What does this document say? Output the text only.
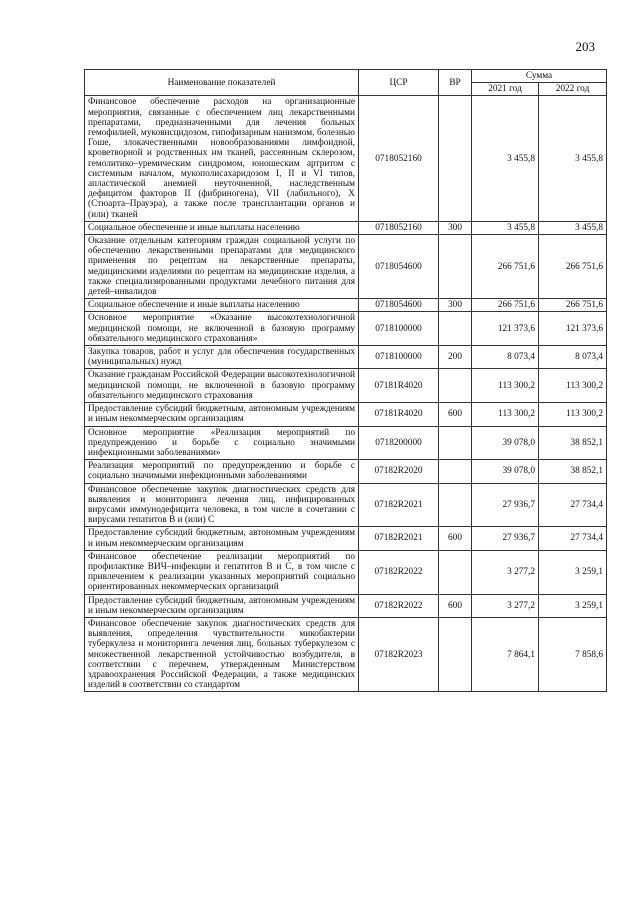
203
Наименование показателей	ЦСР	ВР	Сумма	
			2021 год	2022 год
Финансовое обеспечение расходов на организационные мероприятия, связанные с обеспечением лиц лекарственными препаратами, предназначенными для лечения больных гемофилией, муковисцидозом, гипофизарным нанизмом, болезнью Гоше, злокачественными новообразованиями лимфоидной, кроветворной и родственных им тканей, рассеянным склерозом, гемолитико–уремическим синдромом, юношеским артритом с системным началом, мукополисахаридозом I, II и VI типов, апластической анемией неуточненной, наследственным дефицитом факторов II (фибриногена), VII (лабильного), X (Стюарта–Прауэра), а также после трансплантации органов и (или) тканей	0718052160		3 455,8	3 455,8
Социальное обеспечение и иные выплаты населению	0718052160	300	3 455,8	3 455,8
Оказание отдельным категориям граждан социальной услуги по обеспечению лекарственными препаратами для медицинского применения по рецептам на лекарственные препараты, медицинскими изделиями по рецептам на медицинские изделия, а также специализированными продуктами лечебного питания для детей–инвалидов	0718054600		266 751,6	266 751,6
Социальное обеспечение и иные выплаты населению	0718054600	300	266 751,6	266 751,6
Основное мероприятие «Оказание высокотехнологичной медицинской помощи, не включенной в базовую программу обязательного медицинского страхования»	0718100000		121 373,6	121 373,6
Закупка товаров, работ и услуг для обеспечения государственных (муниципальных) нужд	0718100000	200	8 073,4	8 073,4
Оказание гражданам Российской Федерации высокотехнологичной медицинской помощи, не включенной в базовую программу обязательного медицинского страхования	07181R4020		113 300,2	113 300,2
Предоставление субсидий бюджетным, автономным учреждениям и иным некоммерческим организациям	07181R4020	600	113 300,2	113 300,2
Основное мероприятие «Реализация мероприятий по предупреждению и борьбе с социально значимыми инфекционными заболеваниями»	0718200000		39 078,0	38 852,1
Реализация мероприятий по предупреждению и борьбе с социально значимыми инфекционными заболеваниями	07182R2020		39 078,0	38 852,1
Финансовое обеспечение закупок диагностических средств для выявления и мониторинга лечения лиц, инфицированных вирусами иммунодефицита человека, в том числе в сочетании с вирусами гепатитов В и (или) С	07182R2021		27 936,7	27 734,4
Предоставление субсидий бюджетным, автономным учреждениям и иным некоммерческим организациям	07182R2021	600	27 936,7	27 734,4
Финансовое обеспечение реализации мероприятий по профилактике ВИЧ–инфекции и гепатитов В и С, в том числе с привлечением к реализации указанных мероприятий социально ориентированных некоммерческих организаций	07182R2022		3 277,2	3 259,1
Предоставление субсидий бюджетным, автономным учреждениям и иным некоммерческим организациям	07182R2022	600	3 277,2	3 259,1
Финансовое обеспечение закупок диагностических средств для выявления, определения чувствительности микобактерии туберкулеза и мониторинга лечения лиц, больных туберкулезом с множественной лекарственной устойчивостью возбудителя, в соответствии с перечнем, утвержденным Министерством здравоохранения Российской Федерации, а также медицинских изделий в соответствии со стандартом	07182R2023		7 864,1	7 858,6
